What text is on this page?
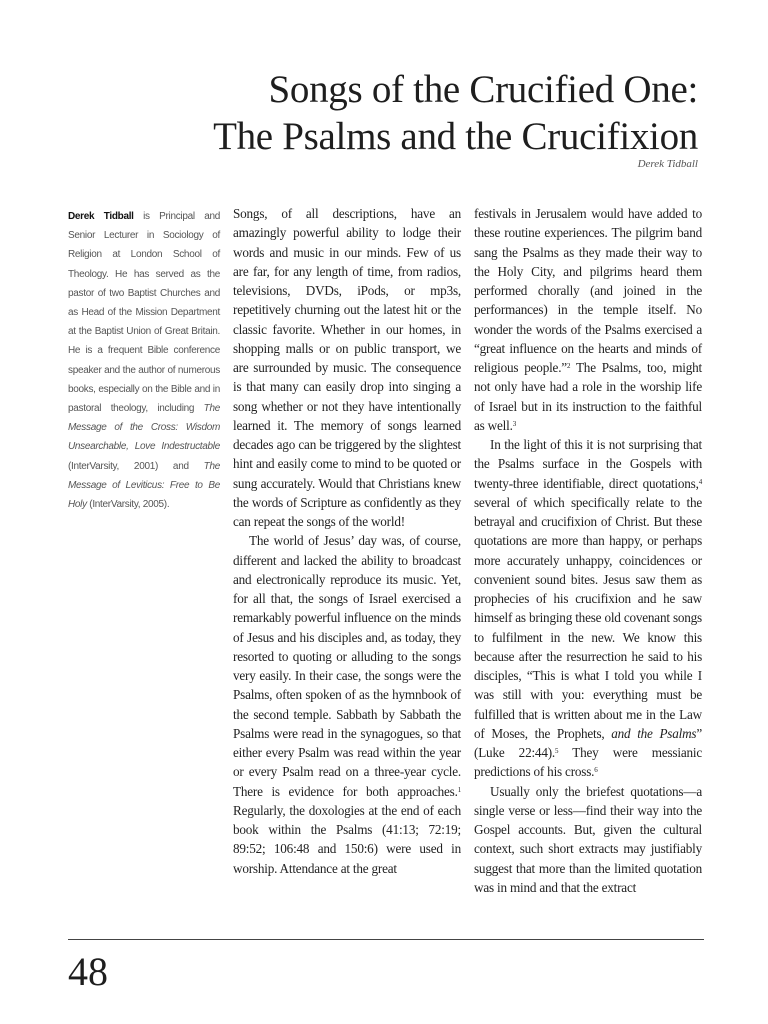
Songs of the Crucified One:
The Psalms and the Crucifixion
Derek Tidball
Derek Tidball is Principal and Senior Lecturer in Sociology of Religion at London School of Theology. He has served as the pastor of two Baptist Churches and as Head of the Mission Department at the Baptist Union of Great Britain. He is a frequent Bible conference speaker and the author of numerous books, especially on the Bible and in pastoral theology, including The Message of the Cross: Wisdom Unsearchable, Love Indestructable (InterVarsity, 2001) and The Message of Leviticus: Free to Be Holy (InterVarsity, 2005).

Songs, of all descriptions, have an amazingly powerful ability to lodge their words and music in our minds. Few of us are far, for any length of time, from radios, televisions, DVDs, iPods, or mp3s, repetitively churning out the latest hit or the classic favorite. Whether in our homes, in shopping malls or on public transport, we are surrounded by music. The consequence is that many can easily drop into singing a song whether or not they have intentionally learned it. The memory of songs learned decades ago can be triggered by the slightest hint and easily come to mind to be quoted or sung accurately. Would that Christians knew the words of Scripture as confidently as they can repeat the songs of the world!

The world of Jesus’ day was, of course, different and lacked the ability to broadcast and electronically reproduce its music. Yet, for all that, the songs of Israel exercised a remarkably powerful influence on the minds of Jesus and his disciples and, as today, they resorted to quoting or alluding to the songs very easily. In their case, the songs were the Psalms, often spoken of as the hymnbook of the second temple. Sabbath by Sabbath the Psalms were read in the synagogues, so that either every Psalm was read within the year or every Psalm read on a three-year cycle. There is evidence for both approaches.$^1$ Regularly, the doxologies at the end of each book within the Psalms (41:13; 72:19; 89:52; 106:48 and 150:6) were used in worship. Attendance at the great

festivals in Jerusalem would have added to these routine experiences. The pilgrim band sang the Psalms as they made their way to the Holy City, and pilgrims heard them performed chorally (and joined in the performances) in the temple itself. No wonder the words of the Psalms exercised a “great influence on the hearts and minds of religious people.”$^2$ The Psalms, too, might not only have had a role in the worship life of Israel but in its instruction to the faithful as well.$^3$

In the light of this it is not surprising that the Psalms surface in the Gospels with twenty-three identifiable, direct quotations,$^4$ several of which specifically relate to the betrayal and crucifixion of Christ. But these quotations are more than happy, or perhaps more accurately unhappy, coincidences or convenient sound bites. Jesus saw them as prophecies of his crucifixion and he saw himself as bringing these old covenant songs to fulfilment in the new. We know this because after the resurrection he said to his disciples, “This is what I told you while I was still with you: everything must be fulfilled that is written about me in the Law of Moses, the Prophets, and the Psalms” (Luke 22:44).$^5$ They were messianic predictions of his cross.$^6$

Usually only the briefest quotations—a single verse or less—find their way into the Gospel accounts. But, given the cultural context, such short extracts may justifiably suggest that more than the limited quotation was in mind and that the extract

48
